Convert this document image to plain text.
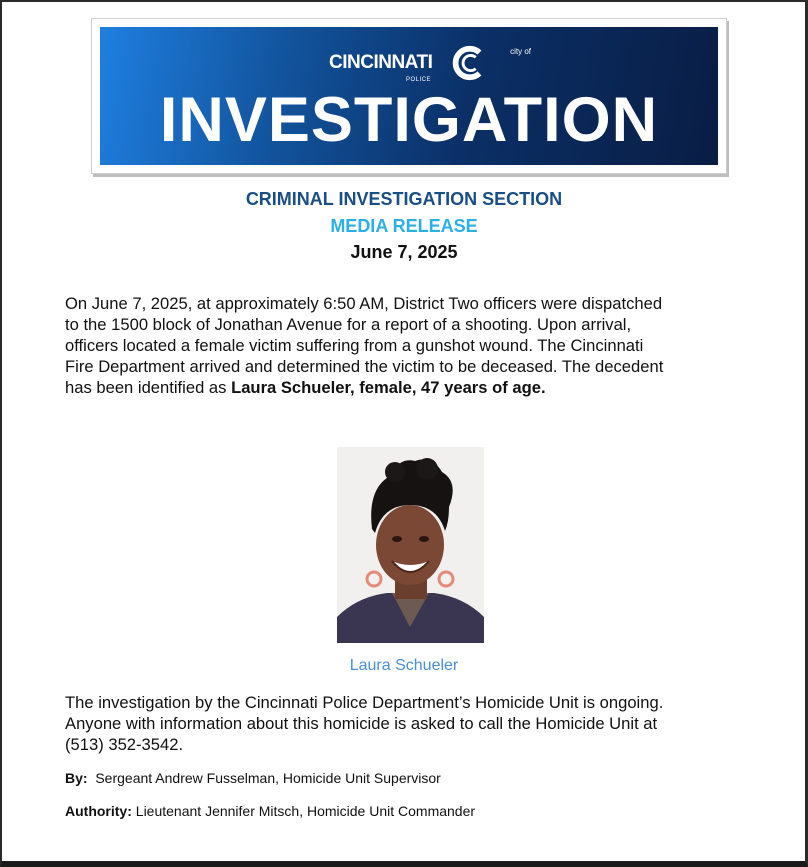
city of
CINCINNATI
POLICE
INVESTIGATION
CRIMINAL INVESTIGATION SECTION
MEDIA RELEASE
June 7, 2025
On June 7, 2025, at approximately 6:50 AM, District Two officers were dispatched
to the 1500 block of Jonathan Avenue for a report of a shooting. Upon arrival,
officers located a female victim suffering from a gunshot wound. The Cincinnati
Fire Department arrived and determined the victim to be deceased. The decedent
has been identified as Laura Schueler, female, 47 years of age.
Laura Schueler
The investigation by the Cincinnati Police Department’s Homicide Unit is ongoing.
Anyone with information about this homicide is asked to call the Homicide Unit at
(513) 352-3542.
By: Sergeant Andrew Fusselman, Homicide Unit Supervisor
Authority: Lieutenant Jennifer Mitsch, Homicide Unit Commander
